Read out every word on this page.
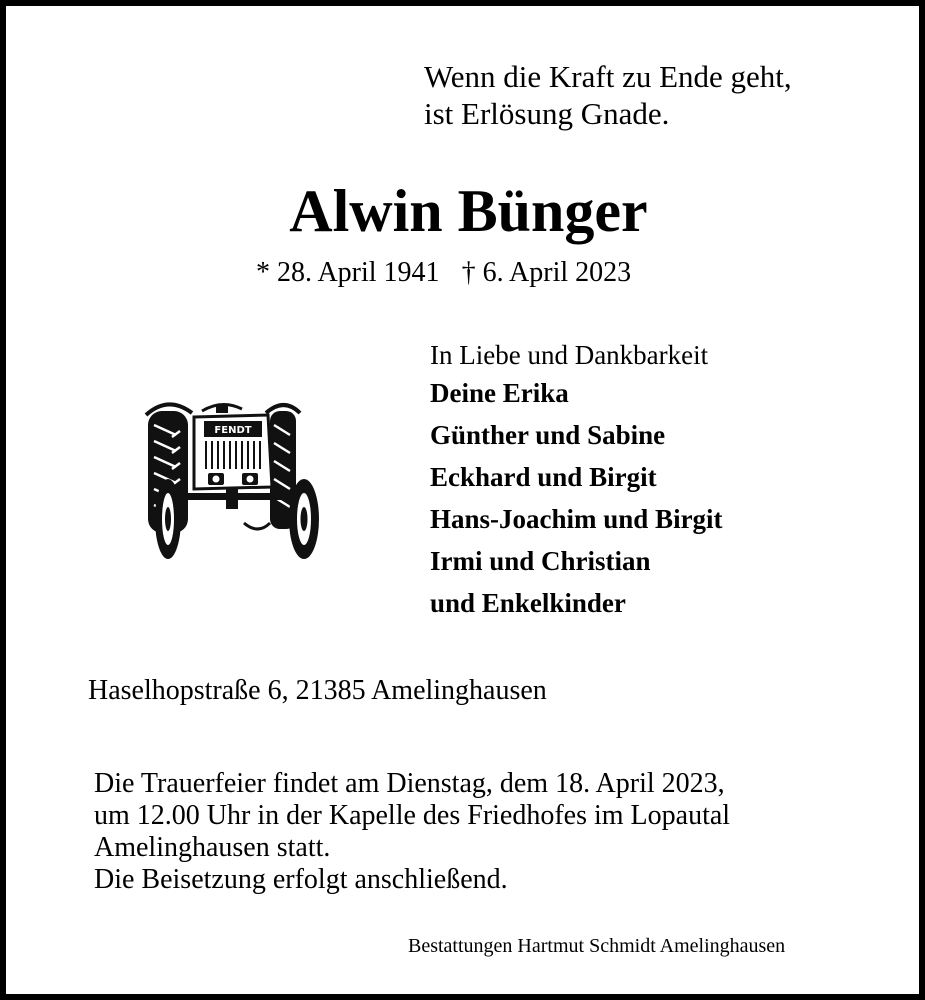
Wenn die Kraft zu Ende geht,
ist Erlösung Gnade.
Alwin Bünger
* 28. April 1941 † 6. April 2023
FENDT
In Liebe und Dankbarkeit
Deine Erika
Günther und Sabine
Eckhard und Birgit
Hans-Joachim und Birgit
Irmi und Christian
und Enkelkinder
Haselhopstraße 6, 21385 Amelinghausen
Die Trauerfeier findet am Dienstag, dem 18. April 2023,
um 12.00 Uhr in der Kapelle des Friedhofes im Lopautal
Amelinghausen statt.
Die Beisetzung erfolgt anschließend.
Bestattungen Hartmut Schmidt Amelinghausen
